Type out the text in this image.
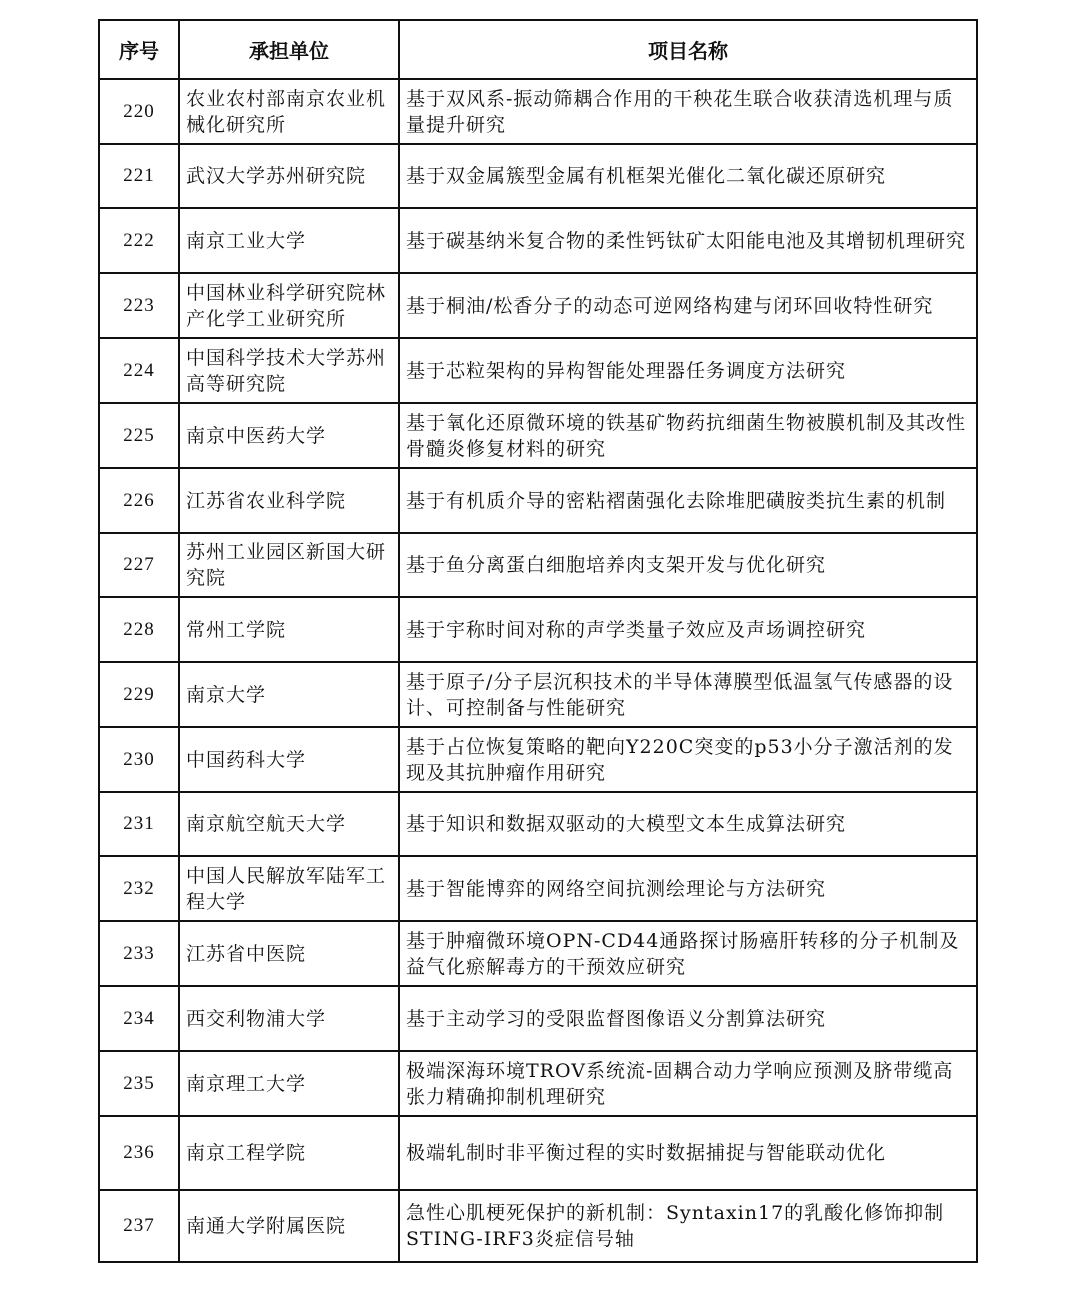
序号	承担单位	项目名称
220	农业农村部南京农业机械化研究所	基于双风系-振动筛耦合作用的干秧花生联合收获清选机理与质量提升研究
221	武汉大学苏州研究院	基于双金属簇型金属有机框架光催化二氧化碳还原研究
222	南京工业大学	基于碳基纳米复合物的柔性钙钛矿太阳能电池及其增韧机理研究
223	中国林业科学研究院林产化学工业研究所	基于桐油/松香分子的动态可逆网络构建与闭环回收特性研究
224	中国科学技术大学苏州高等研究院	基于芯粒架构的异构智能处理器任务调度方法研究
225	南京中医药大学	基于氧化还原微环境的铁基矿物药抗细菌生物被膜机制及其改性骨髓炎修复材料的研究
226	江苏省农业科学院	基于有机质介导的密粘褶菌强化去除堆肥磺胺类抗生素的机制
227	苏州工业园区新国大研究院	基于鱼分离蛋白细胞培养肉支架开发与优化研究
228	常州工学院	基于宇称时间对称的声学类量子效应及声场调控研究
229	南京大学	基于原子/分子层沉积技术的半导体薄膜型低温氢气传感器的设计、可控制备与性能研究
230	中国药科大学	基于占位恢复策略的靶向Y220C突变的p53小分子激活剂的发现及其抗肿瘤作用研究
231	南京航空航天大学	基于知识和数据双驱动的大模型文本生成算法研究
232	中国人民解放军陆军工程大学	基于智能博弈的网络空间抗测绘理论与方法研究
233	江苏省中医院	基于肿瘤微环境OPN-CD44通路探讨肠癌肝转移的分子机制及益气化瘀解毒方的干预效应研究
234	西交利物浦大学	基于主动学习的受限监督图像语义分割算法研究
235	南京理工大学	极端深海环境TROV系统流-固耦合动力学响应预测及脐带缆高张力精确抑制机理研究
236	南京工程学院	极端轧制时非平衡过程的实时数据捕捉与智能联动优化
237	南通大学附属医院	急性心肌梗死保护的新机制：Syntaxin17的乳酸化修饰抑制STING-IRF3炎症信号轴
